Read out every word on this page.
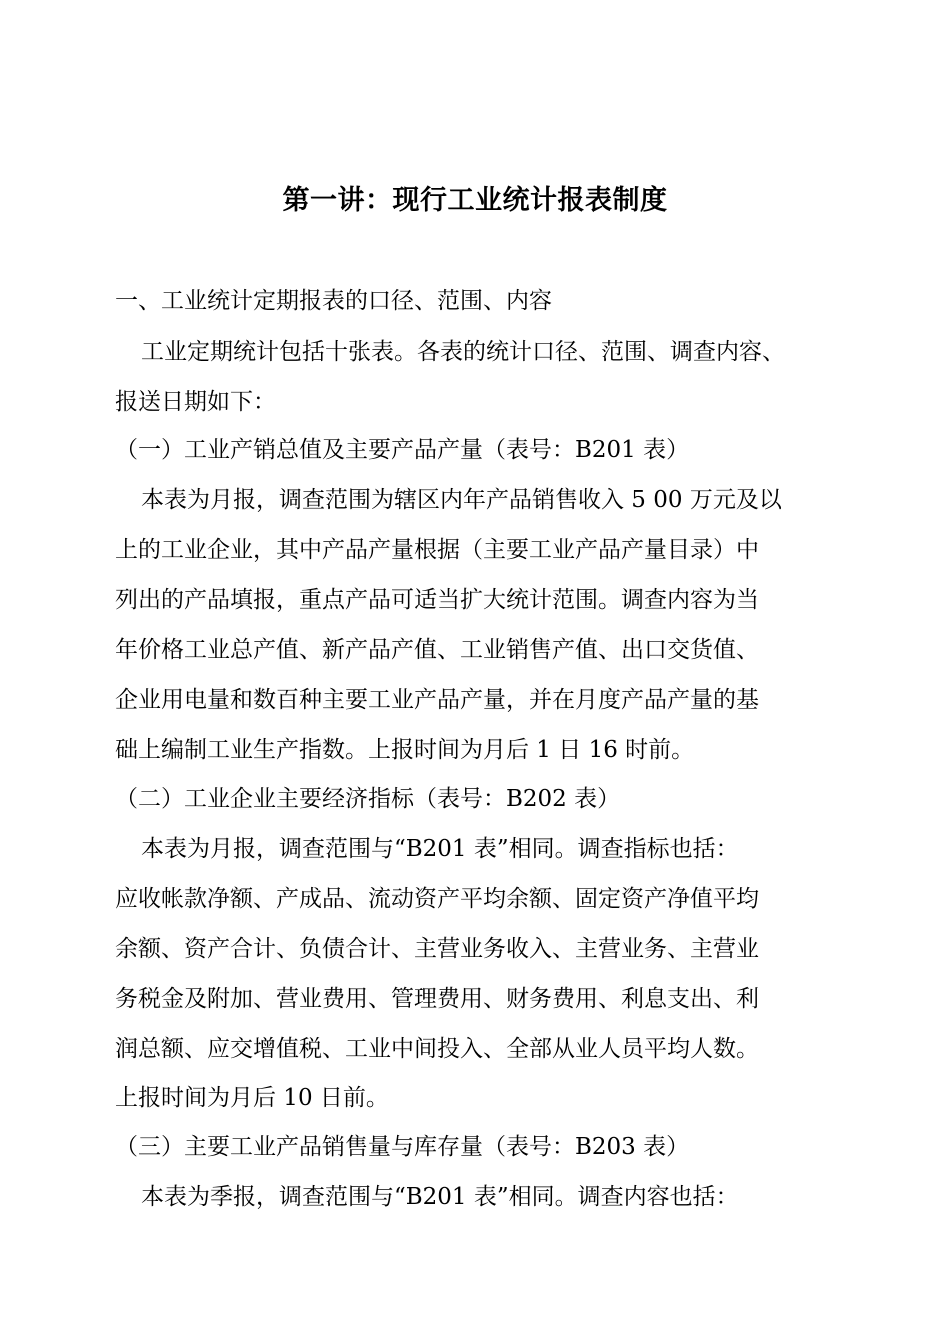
第一讲：现行工业统计报表制度
一、工业统计定期报表的口径、范围、内容
工业定期统计包括十张表。各表的统计口径、范围、调查内容、
报送日期如下：
（一）工业产销总值及主要产品产量（表号：B201 表）
本表为月报，调查范围为辖区内年产品销售收入 5 00 万元及以
上的工业企业，其中产品产量根据（主要工业产品产量目录）中
列出的产品填报，重点产品可适当扩大统计范围。调查内容为当
年价格工业总产值、新产品产值、工业销售产值、出口交货值、
企业用电量和数百种主要工业产品产量，并在月度产品产量的基
础上编制工业生产指数。上报时间为月后 1 日 16 时前。
（二）工业企业主要经济指标（表号：B202 表）
本表为月报，调查范围与“B201 表”相同。调查指标也括：
应收帐款净额、产成品、流动资产平均余额、固定资产净值平均
余额、资产合计、负债合计、主营业务收入、主营业务、主营业
务税金及附加、营业费用、管理费用、财务费用、利息支出、利
润总额、应交增值税、工业中间投入、全部从业人员平均人数。
上报时间为月后 10 日前。
（三）主要工业产品销售量与库存量（表号：B203 表）
本表为季报，调查范围与“B201 表”相同。调查内容也括：
